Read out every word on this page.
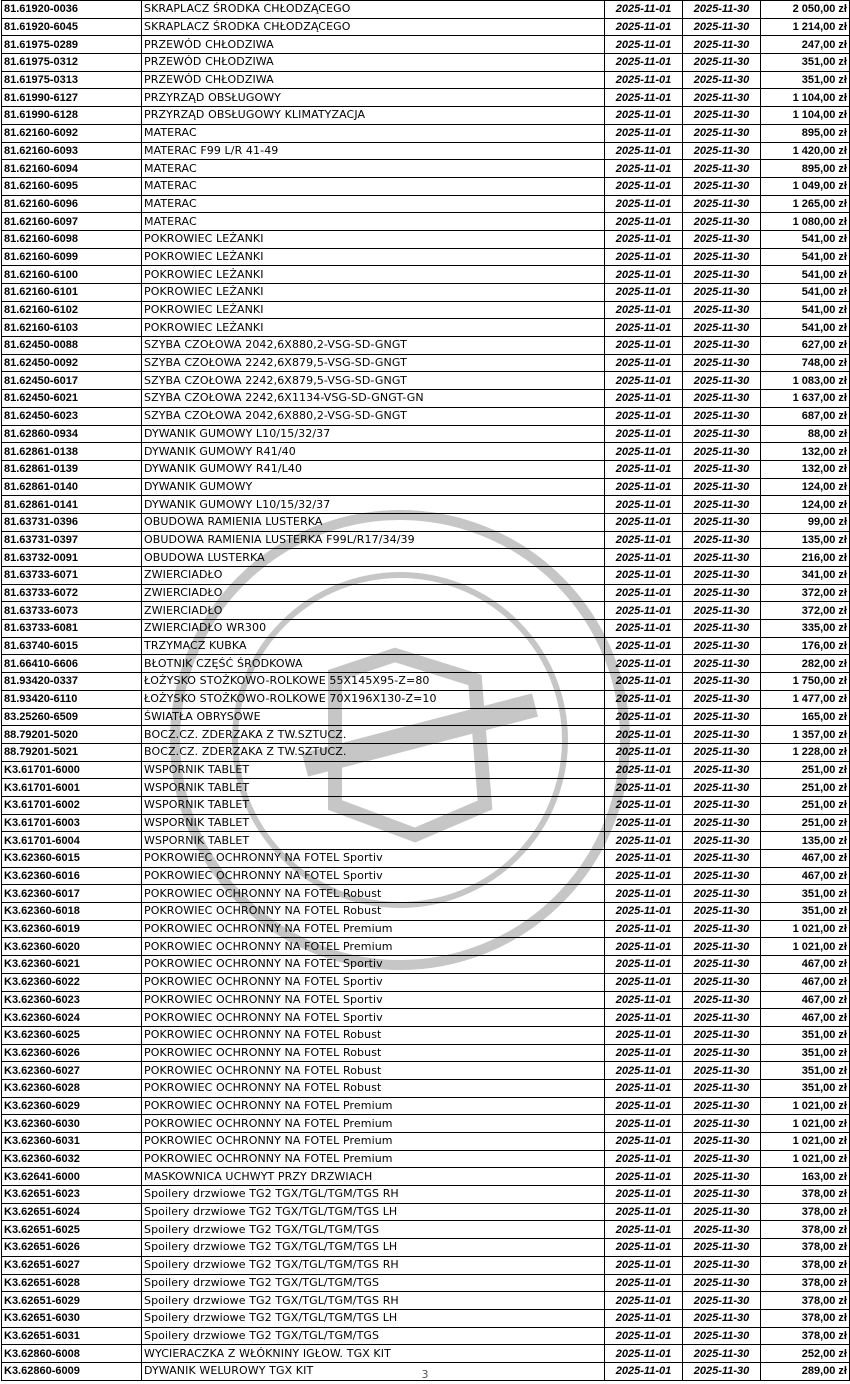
81.61920-0036	SKRAPLACZ ŚRODKA CHŁODZĄCEGO	2025-11-01	2025-11-30	2 050,00 zł
81.61920-6045	SKRAPLACZ ŚRODKA CHŁODZĄCEGO	2025-11-01	2025-11-30	1 214,00 zł
81.61975-0289	PRZEWÓD CHŁODZIWA	2025-11-01	2025-11-30	247,00 zł
81.61975-0312	PRZEWÓD CHŁODZIWA	2025-11-01	2025-11-30	351,00 zł
81.61975-0313	PRZEWÓD CHŁODZIWA	2025-11-01	2025-11-30	351,00 zł
81.61990-6127	PRZYRZĄD OBSŁUGOWY	2025-11-01	2025-11-30	1 104,00 zł
81.61990-6128	PRZYRZĄD OBSŁUGOWY KLIMATYZACJA	2025-11-01	2025-11-30	1 104,00 zł
81.62160-6092	MATERAC	2025-11-01	2025-11-30	895,00 zł
81.62160-6093	MATERAC F99 L/R 41-49	2025-11-01	2025-11-30	1 420,00 zł
81.62160-6094	MATERAC	2025-11-01	2025-11-30	895,00 zł
81.62160-6095	MATERAC	2025-11-01	2025-11-30	1 049,00 zł
81.62160-6096	MATERAC	2025-11-01	2025-11-30	1 265,00 zł
81.62160-6097	MATERAC	2025-11-01	2025-11-30	1 080,00 zł
81.62160-6098	POKROWIEC LEŻANKI	2025-11-01	2025-11-30	541,00 zł
81.62160-6099	POKROWIEC LEŻANKI	2025-11-01	2025-11-30	541,00 zł
81.62160-6100	POKROWIEC LEŻANKI	2025-11-01	2025-11-30	541,00 zł
81.62160-6101	POKROWIEC LEŻANKI	2025-11-01	2025-11-30	541,00 zł
81.62160-6102	POKROWIEC LEŻANKI	2025-11-01	2025-11-30	541,00 zł
81.62160-6103	POKROWIEC LEŻANKI	2025-11-01	2025-11-30	541,00 zł
81.62450-0088	SZYBA CZOŁOWA 2042,6X880,2-VSG-SD-GNGT	2025-11-01	2025-11-30	627,00 zł
81.62450-0092	SZYBA CZOŁOWA 2242,6X879,5-VSG-SD-GNGT	2025-11-01	2025-11-30	748,00 zł
81.62450-6017	SZYBA CZOŁOWA 2242,6X879,5-VSG-SD-GNGT	2025-11-01	2025-11-30	1 083,00 zł
81.62450-6021	SZYBA CZOŁOWA 2242,6X1134-VSG-SD-GNGT-GN	2025-11-01	2025-11-30	1 637,00 zł
81.62450-6023	SZYBA CZOŁOWA 2042,6X880,2-VSG-SD-GNGT	2025-11-01	2025-11-30	687,00 zł
81.62860-0934	DYWANIK GUMOWY L10/15/32/37	2025-11-01	2025-11-30	88,00 zł
81.62861-0138	DYWANIK GUMOWY R41/40	2025-11-01	2025-11-30	132,00 zł
81.62861-0139	DYWANIK GUMOWY R41/L40	2025-11-01	2025-11-30	132,00 zł
81.62861-0140	DYWANIK GUMOWY	2025-11-01	2025-11-30	124,00 zł
81.62861-0141	DYWANIK GUMOWY L10/15/32/37	2025-11-01	2025-11-30	124,00 zł
81.63731-0396	OBUDOWA RAMIENIA LUSTERKA	2025-11-01	2025-11-30	99,00 zł
81.63731-0397	OBUDOWA RAMIENIA LUSTERKA F99L/R17/34/39	2025-11-01	2025-11-30	135,00 zł
81.63732-0091	OBUDOWA LUSTERKA	2025-11-01	2025-11-30	216,00 zł
81.63733-6071	ZWIERCIADŁO	2025-11-01	2025-11-30	341,00 zł
81.63733-6072	ZWIERCIADŁO	2025-11-01	2025-11-30	372,00 zł
81.63733-6073	ZWIERCIADŁO	2025-11-01	2025-11-30	372,00 zł
81.63733-6081	ZWIERCIADŁO WR300	2025-11-01	2025-11-30	335,00 zł
81.63740-6015	TRZYMACZ KUBKA	2025-11-01	2025-11-30	176,00 zł
81.66410-6606	BŁOTNIK CZĘŚĆ ŚRODKOWA	2025-11-01	2025-11-30	282,00 zł
81.93420-0337	ŁOŻYSKO STOŻKOWO-ROLKOWE 55X145X95-Z=80	2025-11-01	2025-11-30	1 750,00 zł
81.93420-6110	ŁOŻYSKO STOŻKOWO-ROLKOWE 70X196X130-Z=10	2025-11-01	2025-11-30	1 477,00 zł
83.25260-6509	ŚWIATŁA OBRYSOWE	2025-11-01	2025-11-30	165,00 zł
88.79201-5020	BOCZ.CZ. ZDERZAKA Z TW.SZTUCZ.	2025-11-01	2025-11-30	1 357,00 zł
88.79201-5021	BOCZ.CZ. ZDERZAKA Z TW.SZTUCZ.	2025-11-01	2025-11-30	1 228,00 zł
K3.61701-6000	WSPORNIK TABLET	2025-11-01	2025-11-30	251,00 zł
K3.61701-6001	WSPORNIK TABLET	2025-11-01	2025-11-30	251,00 zł
K3.61701-6002	WSPORNIK TABLET	2025-11-01	2025-11-30	251,00 zł
K3.61701-6003	WSPORNIK TABLET	2025-11-01	2025-11-30	251,00 zł
K3.61701-6004	WSPORNIK TABLET	2025-11-01	2025-11-30	135,00 zł
K3.62360-6015	POKROWIEC OCHRONNY NA FOTEL Sportiv	2025-11-01	2025-11-30	467,00 zł
K3.62360-6016	POKROWIEC OCHRONNY NA FOTEL Sportiv	2025-11-01	2025-11-30	467,00 zł
K3.62360-6017	POKROWIEC OCHRONNY NA FOTEL Robust	2025-11-01	2025-11-30	351,00 zł
K3.62360-6018	POKROWIEC OCHRONNY NA FOTEL Robust	2025-11-01	2025-11-30	351,00 zł
K3.62360-6019	POKROWIEC OCHRONNY NA FOTEL Premium	2025-11-01	2025-11-30	1 021,00 zł
K3.62360-6020	POKROWIEC OCHRONNY NA FOTEL Premium	2025-11-01	2025-11-30	1 021,00 zł
K3.62360-6021	POKROWIEC OCHRONNY NA FOTEL Sportiv	2025-11-01	2025-11-30	467,00 zł
K3.62360-6022	POKROWIEC OCHRONNY NA FOTEL Sportiv	2025-11-01	2025-11-30	467,00 zł
K3.62360-6023	POKROWIEC OCHRONNY NA FOTEL Sportiv	2025-11-01	2025-11-30	467,00 zł
K3.62360-6024	POKROWIEC OCHRONNY NA FOTEL Sportiv	2025-11-01	2025-11-30	467,00 zł
K3.62360-6025	POKROWIEC OCHRONNY NA FOTEL Robust	2025-11-01	2025-11-30	351,00 zł
K3.62360-6026	POKROWIEC OCHRONNY NA FOTEL Robust	2025-11-01	2025-11-30	351,00 zł
K3.62360-6027	POKROWIEC OCHRONNY NA FOTEL Robust	2025-11-01	2025-11-30	351,00 zł
K3.62360-6028	POKROWIEC OCHRONNY NA FOTEL Robust	2025-11-01	2025-11-30	351,00 zł
K3.62360-6029	POKROWIEC OCHRONNY NA FOTEL Premium	2025-11-01	2025-11-30	1 021,00 zł
K3.62360-6030	POKROWIEC OCHRONNY NA FOTEL Premium	2025-11-01	2025-11-30	1 021,00 zł
K3.62360-6031	POKROWIEC OCHRONNY NA FOTEL Premium	2025-11-01	2025-11-30	1 021,00 zł
K3.62360-6032	POKROWIEC OCHRONNY NA FOTEL Premium	2025-11-01	2025-11-30	1 021,00 zł
K3.62641-6000	MASKOWNICA UCHWYT PRZY DRZWIACH	2025-11-01	2025-11-30	163,00 zł
K3.62651-6023	Spoilery drzwiowe TG2 TGX/TGL/TGM/TGS RH	2025-11-01	2025-11-30	378,00 zł
K3.62651-6024	Spoilery drzwiowe TG2 TGX/TGL/TGM/TGS LH	2025-11-01	2025-11-30	378,00 zł
K3.62651-6025	Spoilery drzwiowe TG2 TGX/TGL/TGM/TGS	2025-11-01	2025-11-30	378,00 zł
K3.62651-6026	Spoilery drzwiowe TG2 TGX/TGL/TGM/TGS LH	2025-11-01	2025-11-30	378,00 zł
K3.62651-6027	Spoilery drzwiowe TG2 TGX/TGL/TGM/TGS RH	2025-11-01	2025-11-30	378,00 zł
K3.62651-6028	Spoilery drzwiowe TG2 TGX/TGL/TGM/TGS	2025-11-01	2025-11-30	378,00 zł
K3.62651-6029	Spoilery drzwiowe TG2 TGX/TGL/TGM/TGS RH	2025-11-01	2025-11-30	378,00 zł
K3.62651-6030	Spoilery drzwiowe TG2 TGX/TGL/TGM/TGS LH	2025-11-01	2025-11-30	378,00 zł
K3.62651-6031	Spoilery drzwiowe TG2 TGX/TGL/TGM/TGS	2025-11-01	2025-11-30	378,00 zł
K3.62860-6008	WYCIERACZKA Z WŁÓKNINY IGŁOW. TGX KIT	2025-11-01	2025-11-30	252,00 zł
K3.62860-6009	DYWANIK WELUROWY TGX KIT	2025-11-01	2025-11-30	289,00 zł
3
